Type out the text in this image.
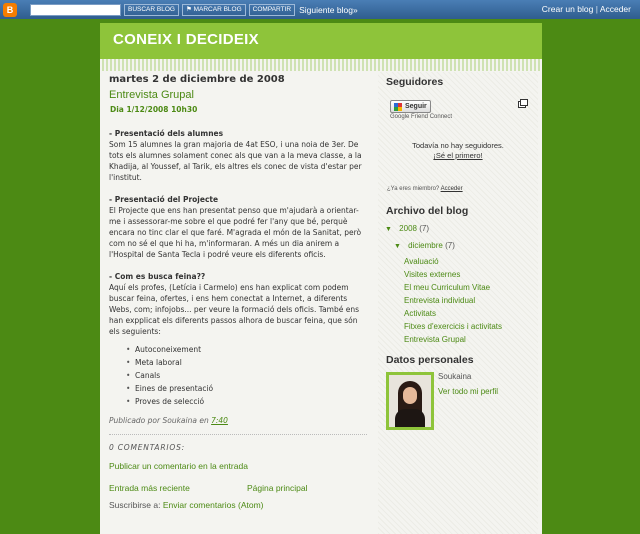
B	BUSCAR BLOG	⚑ MARCAR BLOG	COMPARTIR Siguiente blog»	Crear un blog | Acceder
CONEIX I DECIDEIX
martes 2 de diciembre de 2008
Entrevista Grupal
Dia 1/12/2008 10h30
- Presentació dels alumnes

Som 15 alumnes la gran majoria de 4at ESO, i una noia de 3er. De tots els alumnes solament conec als que van a la meva classe, a la Khadija, al Youssef, al Tarik, els altres els conec de vista d'estar per l'institut.

- Presentació del Projecte

El Projecte que ens han presentat penso que m'ajudarà a orientar-me i assessorar-me sobre el que podré fer l'any que bé, perquè encara no tinc clar el que faré. M'agrada el món de la Sanitat, però com no sé el que hi ha, m'informaran. A més un dia anirem a l'Hospital de Santa Tecla i podré veure els diferents oficis.

- Com es busca feina??

Aquí els profes, (Letícia i Carmelo) ens han explicat com podem buscar feina, ofertes, i ens hem conectat a Internet, a diferents Webs, com; infojobs... per veure la formació dels oficis. També ens han expplicat els diferents passos alhora de buscar feina, que són els seguients:

• Autoconeixement
• Meta laboral
• Canals
• Eines de presentació
• Proves de selecció
Publicado por Soukaina en 7:40
0 COMENTARIOS:
Publicar un comentario en la entrada
Entrada más reciente	Página principal
Suscribirse a: Enviar comentarios (Atom)
Seguidores
Seguir
Google Friend Connect
Todavía no hay seguidores.
¡Sé el primero!
¿Ya eres miembro? Acceder
Archivo del blog
▼ 2008 (7)
▼ diciembre (7)
Avaluació
Visites externes
El meu Curriculum Vitae
Entrevista individual
Activitats
Fitxes d'exercicis i activitats
Entrevista Grupal
Datos personales
Soukaina
Ver todo mi perfil
